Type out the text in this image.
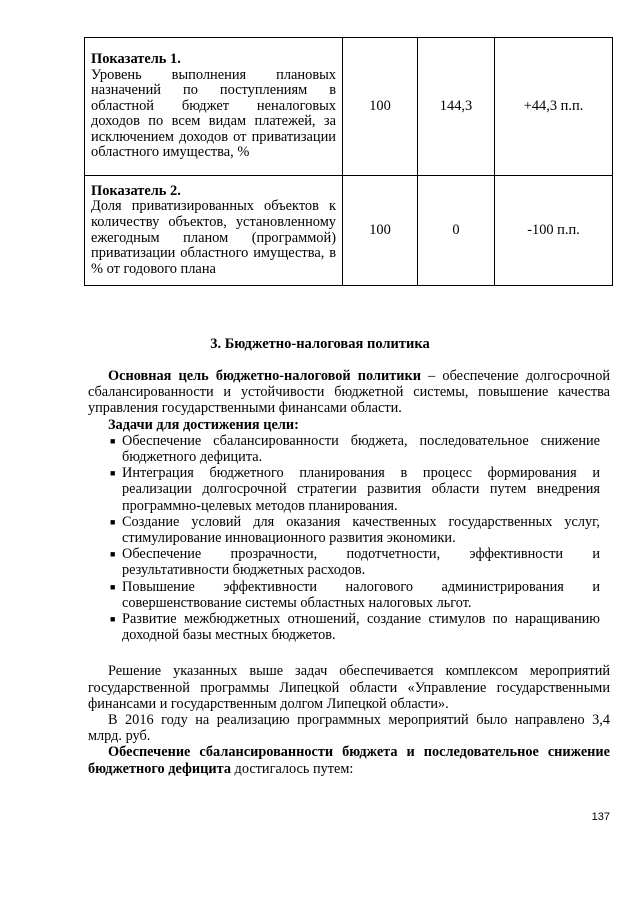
Показатель 1.
Уровень выполнения плановых назначений по поступлениям в областной бюджет неналоговых доходов по всем видам платежей, за исключением доходов от приватизации областного имущества, %	100	144,3	+44,3 п.п.

Показатель 2.
Доля приватизированных объектов к количеству объектов, установленному ежегодным планом (программой) приватизации областного имущества, в % от годового плана	100	0	-100 п.п.
3. Бюджетно-налоговая политика

Основная цель бюджетно-налоговой политики – обеспечение долгосрочной сбалансированности и устойчивости бюджетной системы, повышение качества управления государственными финансами области.

Задачи для достижения цели:
■ Обеспечение сбалансированности бюджета, последовательное снижение бюджетного дефицита.
■ Интеграция бюджетного планирования в процесс формирования и реализации долгосрочной стратегии развития области путем внедрения программно-целевых методов планирования.
■ Создание условий для оказания качественных государственных услуг, стимулирование инновационного развития экономики.
■ Обеспечение прозрачности, подотчетности, эффективности и результативности бюджетных расходов.
■ Повышение эффективности налогового администрирования и совершенствование системы областных налоговых льгот.
■ Развитие межбюджетных отношений, создание стимулов по наращиванию доходной базы местных бюджетов.

Решение указанных выше задач обеспечивается комплексом мероприятий государственной программы Липецкой области «Управление государственными финансами и государственным долгом Липецкой области».

В 2016 году на реализацию программных мероприятий было направлено 3,4 млрд. руб.

Обеспечение сбалансированности бюджета и последовательное снижение бюджетного дефицита достигалось путем:

137
